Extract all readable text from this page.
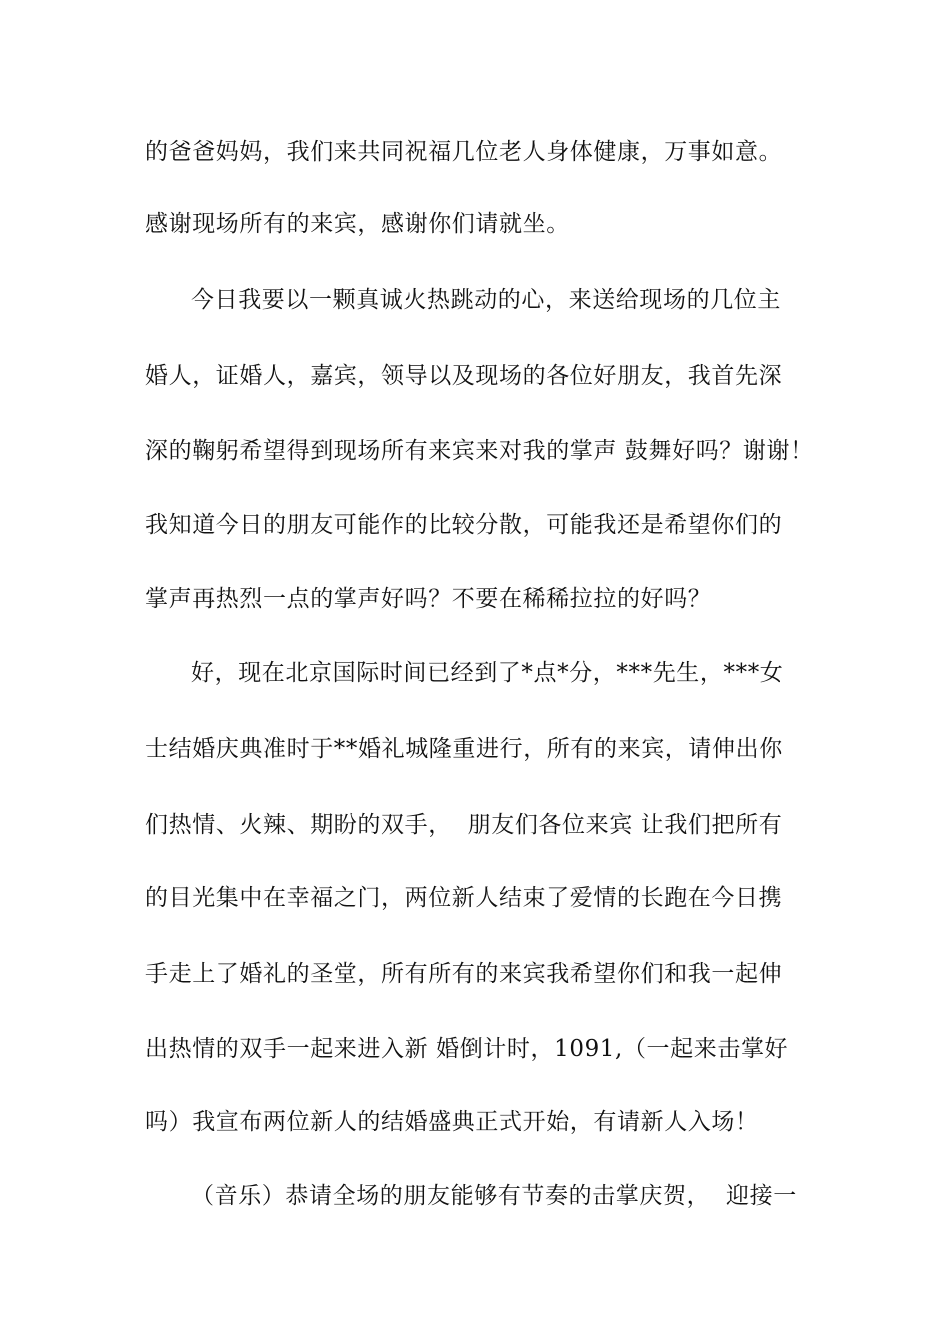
的爸爸妈妈，我们来共同祝福几位老人身体健康，万事如意。
感谢现场所有的来宾，感谢你们请就坐。
今日我要以一颗真诚火热跳动的心，来送给现场的几位主
婚人，证婚人，嘉宾，领导以及现场的各位好朋友，我首先深
深的鞠躬希望得到现场所有来宾来对我的掌声 鼓舞好吗？谢谢！
我知道今日的朋友可能作的比较分散，可能我还是希望你们的
掌声再热烈一点的掌声好吗？不要在稀稀拉拉的好吗？
好，现在北京国际时间已经到了*点*分，***先生，***女
士结婚庆典准时于**婚礼城隆重进行，所有的来宾，请伸出你
们热情、火辣、期盼的双手，  朋友们各位来宾 让我们把所有
的目光集中在幸福之门，两位新人结束了爱情的长跑在今日携
手走上了婚礼的圣堂，所有所有的来宾我希望你们和我一起伸
出热情的双手一起来进入新 婚倒计时，1091,（一起来击掌好
吗）我宣布两位新人的结婚盛典正式开始，有请新人入场！
（音乐）恭请全场的朋友能够有节奏的击掌庆贺，  迎接一
